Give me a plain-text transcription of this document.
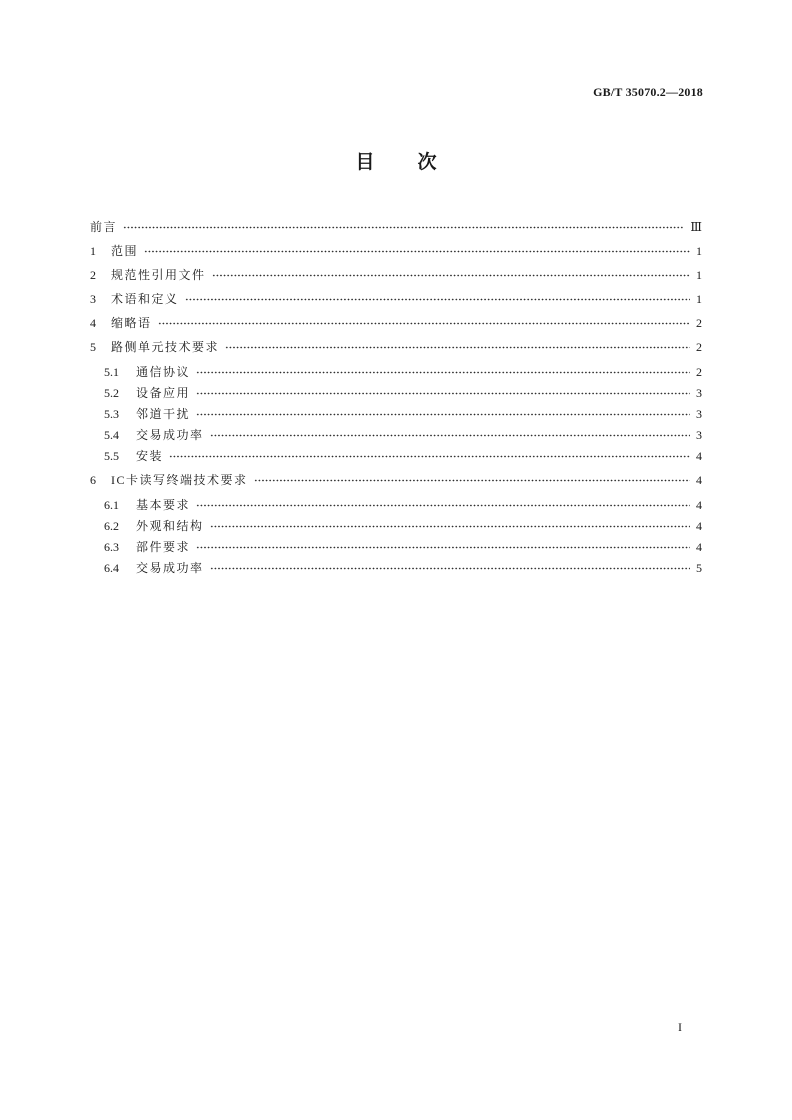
GB/T 35070.2—2018
目次
前言	Ⅲ
1	范围	1
2	规范性引用文件	1
3	术语和定义	1
4	缩略语	2
5	路侧单元技术要求	2
5.1	通信协议	2
5.2	设备应用	3
5.3	邻道干扰	3
5.4	交易成功率	3
5.5	安装	4
6	IC卡读写终端技术要求	4
6.1	基本要求	4
6.2	外观和结构	4
6.3	部件要求	4
6.4	交易成功率	5
I
